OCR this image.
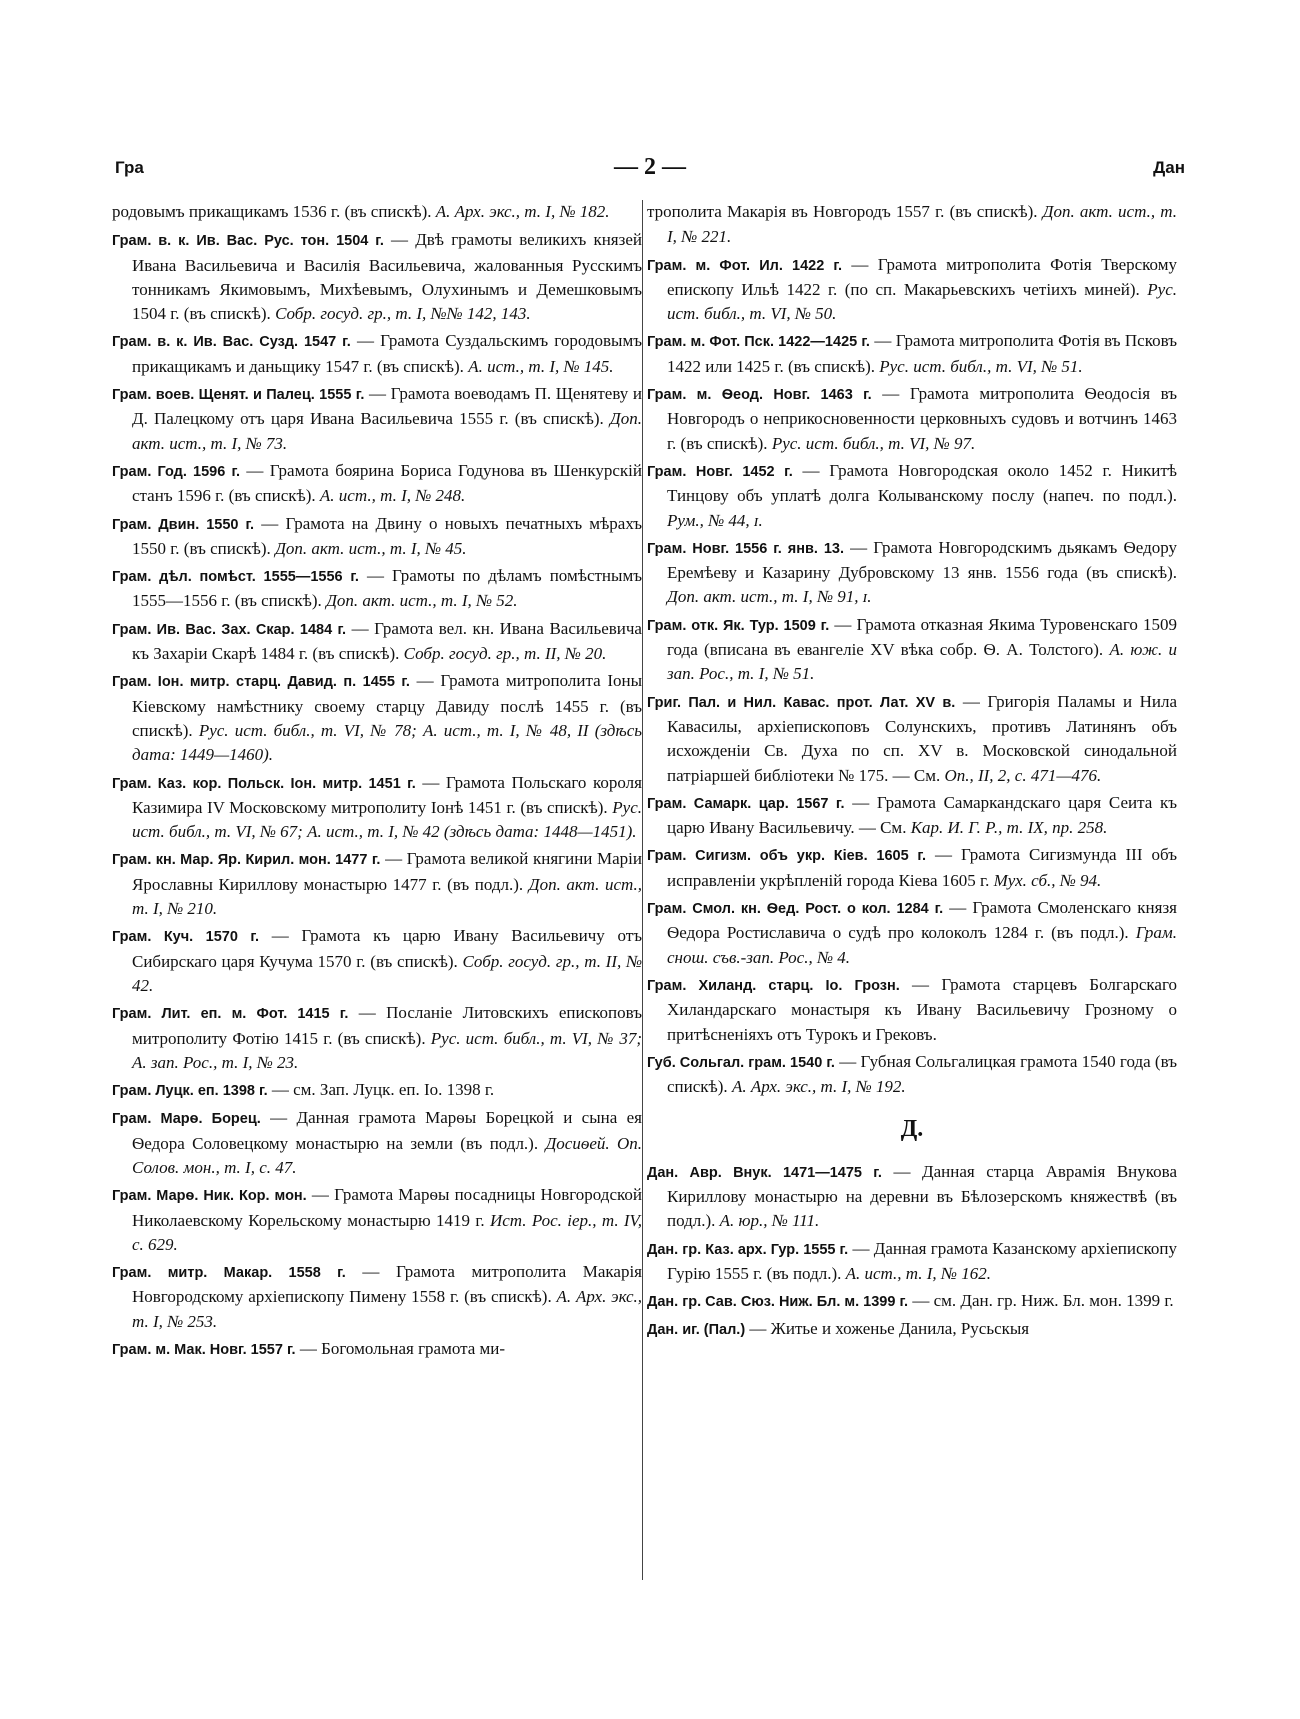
Гра	— 2 —	Дан

родовымъ прикащикамъ 1536 г. (въ спискѣ). А. Арх. экс., т. I, № 182.

Грам. в. к. Ив. Вас. Рус. тон. 1504 г. — Двѣ грамоты великихъ князей Ивана Васильевича и Василія Васильевича, жалованныя Русскимъ тонникамъ Якимовымъ, Михѣевымъ, Олухинымъ и Демешковымъ 1504 г. (въ спискѣ). Собр. госуд. гр., т. I, №№ 142, 143.

Грам. в. к. Ив. Вас. Сузд. 1547 г. — Грамота Суздальскимъ городовымъ прикащикамъ и даньщику 1547 г. (въ спискѣ). А. ист., т. I, № 145.

Грам. воев. Щенят. и Палец. 1555 г. — Грамота воеводамъ П. Щенятеву и Д. Палецкому отъ царя Ивана Васильевича 1555 г. (въ спискѣ). Доп. акт. ист., т. I, № 73.

Грам. Год. 1596 г. — Грамота боярина Бориса Годунова въ Шенкурскій станъ 1596 г. (въ спискѣ). А. ист., т. I, № 248.

Грам. Двин. 1550 г. — Грамота на Двину о новыхъ печатныхъ мѣрахъ 1550 г. (въ спискѣ). Доп. акт. ист., т. I, № 45.

Грам. дѣл. помѣст. 1555—1556 г. — Грамоты по дѣламъ помѣстнымъ 1555—1556 г. (въ спискѣ). Доп. акт. ист., т. I, № 52.

Грам. Ив. Вас. Зах. Скар. 1484 г. — Грамота вел. кн. Ивана Васильевича къ Захаріи Скарѣ 1484 г. (въ спискѣ). Собр. госуд. гр., т. II, № 20.

Грам. Іон. митр. старц. Давид. п. 1455 г. — Грамота митрополита Іоны Кіевскому намѣстнику своему старцу Давиду послѣ 1455 г. (въ спискѣ). Рус. ист. библ., т. VI, № 78; А. ист., т. I, № 48, II (здѣсь дата: 1449—1460).

Грам. Каз. кор. Польск. Іон. митр. 1451 г. — Грамота Польскаго короля Казимира IV Московскому митрополиту Іонѣ 1451 г. (въ спискѣ). Рус. ист. библ., т. VI, № 67; А. ист., т. I, № 42 (здѣсь дата: 1448—1451).

Грам. кн. Мар. Яр. Кирил. мон. 1477 г. — Грамота великой княгини Маріи Ярославны Кириллову монастырю 1477 г. (въ подл.). Доп. акт. ист., т. I, № 210.

Грам. Куч. 1570 г. — Грамота къ царю Ивану Васильевичу отъ Сибирскаго царя Кучума 1570 г. (въ спискѣ). Собр. госуд. гр., т. II, № 42.

Грам. Лит. еп. м. Фот. 1415 г. — Посланіе Литовскихъ епископовъ митрополиту Фотію 1415 г. (въ спискѣ). Рус. ист. библ., т. VI, № 37; А. зап. Рос., т. I, № 23.

Грам. Луцк. еп. 1398 г. — см. Зап. Луцк. еп. Іо. 1398 г.

Грам. Марѳ. Борец. — Данная грамота Марѳы Борецкой и сына ея Ѳедора Соловецкому монастырю на земли (въ подл.). Досиѳей. Оп. Солов. мон., т. I, с. 47.

Грам. Марѳ. Ник. Кор. мон. — Грамота Марѳы посадницы Новгородской Николаевскому Корельскому монастырю 1419 г. Ист. Рос. іер., т. IV, с. 629.

Грам. митр. Макар. 1558 г. — Грамота митрополита Макарія Новгородскому архіепископу Пимену 1558 г. (въ спискѣ). А. Арх. экс., т. I, № 253.

Грам. м. Мак. Новг. 1557 г. — Богомольная грамота ми-

трополита Макарія въ Новгородъ 1557 г. (въ спискѣ). Доп. акт. ист., т. I, № 221.

Грам. м. Фот. Ил. 1422 г. — Грамота митрополита Фотія Тверскому епископу Ильѣ 1422 г. (по сп. Макарьевскихъ четіихъ миней). Рус. ист. библ., т. VI, № 50.

Грам. м. Фот. Пск. 1422—1425 г. — Грамота митрополита Фотія въ Псковъ 1422 или 1425 г. (въ спискѣ). Рус. ист. библ., т. VI, № 51.

Грам. м. Ѳеод. Новг. 1463 г. — Грамота митрополита Ѳеодосія въ Новгородъ о неприкосновенности церковныхъ судовъ и вотчинъ 1463 г. (въ спискѣ). Рус. ист. библ., т. VI, № 97.

Грам. Новг. 1452 г. — Грамота Новгородская около 1452 г. Никитѣ Тинцову объ уплатѣ долга Колыванскому послу (напеч. по подл.). Рум., № 44, ɪ.

Грам. Новг. 1556 г. янв. 13. — Грамота Новгородскимъ дьякамъ Ѳедору Еремѣеву и Казарину Дубровскому 13 янв. 1556 года (въ спискѣ). Доп. акт. ист., т. I, № 91, ɪ.

Грам. отк. Як. Тур. 1509 г. — Грамота отказная Якима Туровенскаго 1509 года (вписана въ евангеліе XV вѣка собр. Ѳ. А. Толстого). А. юж. и зап. Рос., т. I, № 51.

Григ. Пал. и Нил. Кавас. прот. Лат. XV в. — Григорія Паламы и Нила Кавасилы, архіепископовъ Солунскихъ, противъ Латинянъ объ исхожденіи Св. Духа по сп. XV в. Московской синодальной патріаршей библіотеки № 175. — См. Оп., II, 2, с. 471—476.

Грам. Самарк. цар. 1567 г. — Грамота Самаркандскаго царя Сеита къ царю Ивану Васильевичу. — См. Кар. И. Г. Р., т. IX, пр. 258.

Грам. Сигизм. объ укр. Кіев. 1605 г. — Грамота Сигизмунда III объ исправленіи укрѣпленій города Кіева 1605 г. Мух. сб., № 94.

Грам. Смол. кн. Ѳед. Рост. о кол. 1284 г. — Грамота Смоленскаго князя Ѳедора Ростиславича о судѣ про колоколъ 1284 г. (въ подл.). Грам. снош. съв.-зап. Рос., № 4.

Грам. Хиланд. старц. Іо. Грозн. — Грамота старцевъ Болгарскаго Хиландарскаго монастыря къ Ивану Васильевичу Грозному о притѣсненіяхъ отъ Турокъ и Грековъ.

Губ. Сольгал. грам. 1540 г. — Губная Сольгалицкая грамота 1540 года (въ спискѣ). А. Арх. экс., т. I, № 192.

Д.

Дан. Авр. Внук. 1471—1475 г. — Данная старца Аврамія Внукова Кириллову монастырю на деревни въ Бѣлозерскомъ княжествѣ (въ подл.). А. юр., № 111.

Дан. гр. Каз. арх. Гур. 1555 г. — Данная грамота Казанскому архіепископу Гурію 1555 г. (въ подл.). А. ист., т. I, № 162.

Дан. гр. Сав. Сюз. Ниж. Бл. м. 1399 г. — см. Дан. гр. Ниж. Бл. мон. 1399 г.

Дан. иг. (Пал.) — Житье и хоженье Данила, Русьскыя
